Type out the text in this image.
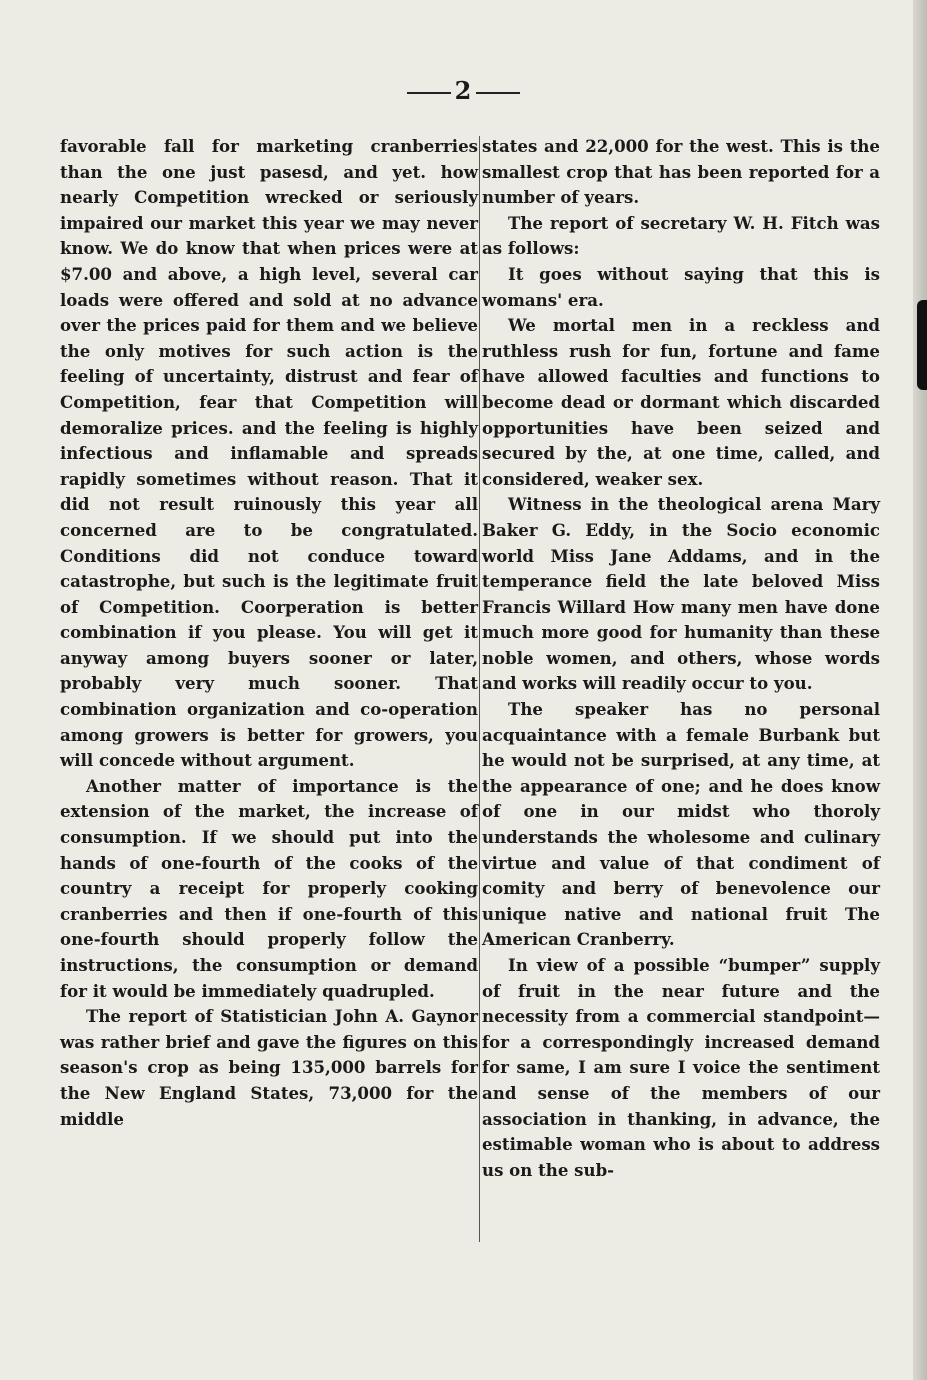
2

favorable fall for marketing cranberries than the one just pasesd, and yet. how nearly Competition wrecked or seriously impaired our market this year we may never know. We do know that when prices were at $7.00 and above, a high level, several car loads were offered and sold at no advance over the prices paid for them and we believe the only motives for such action is the feeling of uncertainty, distrust and fear of Competition, fear that Competition will demoralize prices. and the feeling is highly infectious and inflamable and spreads rapidly sometimes without reason. That it did not result ruinously this year all concerned are to be congratulated. Conditions did not conduce toward catastrophe, but such is the legitimate fruit of Competition. Coorperation is better combination if you please. You will get it anyway among buyers sooner or later, probably very much sooner. That combination organization and co-operation among growers is better for growers, you will concede without argument.

Another matter of importance is the extension of the market, the increase of consumption. If we should put into the hands of one-fourth of the cooks of the country a receipt for properly cooking cranberries and then if one-fourth of this one-fourth should properly follow the instructions, the consumption or demand for it would be immediately quadrupled.

The report of Statistician John A. Gaynor was rather brief and gave the figures on this season's crop as being 135,000 barrels for the New England States, 73,000 for the middle

states and 22,000 for the west. This is the smallest crop that has been reported for a number of years.

The report of secretary W. H. Fitch was as follows:

It goes without saying that this is womans' era.

We mortal men in a reckless and ruthless rush for fun, fortune and fame have allowed faculties and functions to become dead or dormant which discarded opportunities have been seized and secured by the, at one time, called, and considered, weaker sex.

Witness in the theological arena Mary Baker G. Eddy, in the Socio economic world Miss Jane Addams, and in the temperance field the late beloved Miss Francis Willard How many men have done much more good for humanity than these noble women, and others, whose words and works will readily occur to you.

The speaker has no personal acquaintance with a female Burbank but he would not be surprised, at any time, at the appearance of one; and he does know of one in our midst who thoroly understands the wholesome and culinary virtue and value of that condiment of comity and berry of benevolence our unique native and national fruit The American Cranberry.

In view of a possible “bumper” supply of fruit in the near future and the necessity from a commercial standpoint—for a correspondingly increased demand for same, I am sure I voice the sentiment and sense of the members of our association in thanking, in advance, the estimable woman who is about to address us on the sub-
